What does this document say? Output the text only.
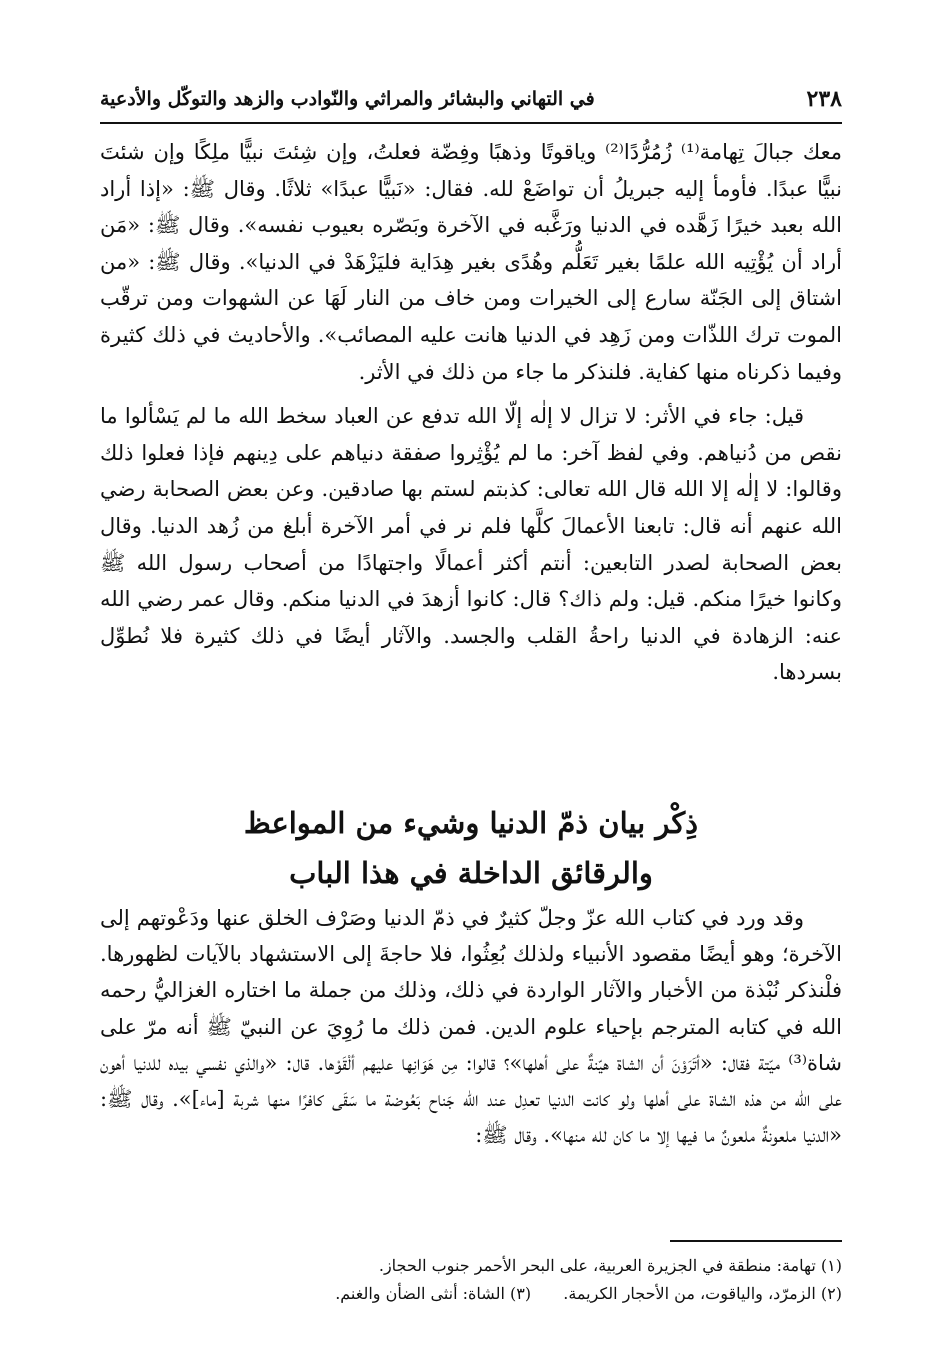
٢٣٨
في التهاني والبشائر والمراثي والنّوادب والزهد والتوكّل والأدعية

معك جبالَ تِهامة⁽¹⁾ زُمُرُّدًا⁽²⁾ وياقوتًا وذهبًا وفِضّة فعلتُ، وإن شِئتَ نبيًّا ملِكًا وإن شئتَ نبيًّا عبدًا. فأومأ إليه جبريلُ أن تواضَعْ لله. فقال: «نَبيًّا عبدًا» ثلاثًا. وقال ﷺ: «إذا أراد الله بعبد خيرًا زَهَّده في الدنيا ورَغَّبه في الآخرة وبَصّره بعيوب نفسه». وقال ﷺ: «مَن أراد أن يُؤْتِيه الله علمًا بغير تَعَلُّم وهُدًى بغير هِدَاية فليَزْهَدْ في الدنيا». وقال ﷺ: «من اشتاق إلى الجَنّة سارع إلى الخيرات ومن خاف من النار لَهَا عن الشهوات ومن ترقّب الموت ترك اللذّات ومن زَهِد في الدنيا هانت عليه المصائب». والأحاديث في ذلك كثيرة وفيما ذكرناه منها كفاية. فلنذكر ما جاء من ذلك في الأثر.

قيل: جاء في الأثر: لا تزال لا إلٰه إلّا الله تدفع عن العباد سخط الله ما لم يَسْألوا ما نقص من دُنياهم. وفي لفظ آخر: ما لم يُؤْثِروا صفقة دنياهم على دِينهم فإذا فعلوا ذلك وقالوا: لا إلٰه إلا الله قال الله تعالى: كذبتم لستم بها صادقين. وعن بعض الصحابة رضي الله عنهم أنه قال: تابعنا الأعمالَ كلَّها فلم نر في أمر الآخرة أبلغ من زُهد الدنيا. وقال بعض الصحابة لصدر التابعين: أنتم أكثر أعمالًا واجتهادًا من أصحاب رسول الله ﷺ وكانوا خيرًا منكم. قيل: ولم ذاك؟ قال: كانوا أزهدَ في الدنيا منكم. وقال عمر رضي الله عنه: الزهادة في الدنيا راحةُ القلب والجسد. والآثار أيضًا في ذلك كثيرة فلا نُطوِّل بسردها.

ذِكْر بيان ذمّ الدنيا وشيء من المواعظ
والرقائق الداخلة في هذا الباب

وقد ورد في كتاب الله عزّ وجلّ كثيرٌ في ذمّ الدنيا وصَرْف الخلق عنها ودَعْوتهم إلى الآخرة؛ وهو أيضًا مقصود الأنبياء ولذلك بُعِثُوا، فلا حاجةَ إلى الاستشهاد بالآيات لظهورها. فلْنذكر نُبْذة من الأخبار والآثار الواردة في ذلك، وذلك من جملة ما اختاره الغزاليُّ رحمه الله في كتابه المترجم بإحياء علوم الدين. فمن ذلك ما رُوِيَ عن النبيّ ﷺ أنه مرّ على شاة⁽³⁾ ميّتة فقال: «أتَرَوْنَ أن الشاة هيّنةٌ على أهلها»؟ قالوا: مِن هَوَانِها عليهم ألْقَوْها. قال: «والذي نفسي بيده للدنيا أهون على الله من هذه الشاة على أهلها ولو كانت الدنيا تعدِل عند الله جَناح بَعُوضة ما سَقَى كافرًا منها شربة [ماء]». وقال ﷺ: «الدنيا ملعونةٌ ملعونٌ ما فيها إلا ما كان لله منها». وقال ﷺ:

(١) تهامة: منطقة في الجزيرة العربية، على البحر الأحمر جنوب الحجاز.
(٢) الزمرّد، والياقوت، من الأحجار الكريمة.  (٣) الشاة: أنثى الضأن والغنم.
